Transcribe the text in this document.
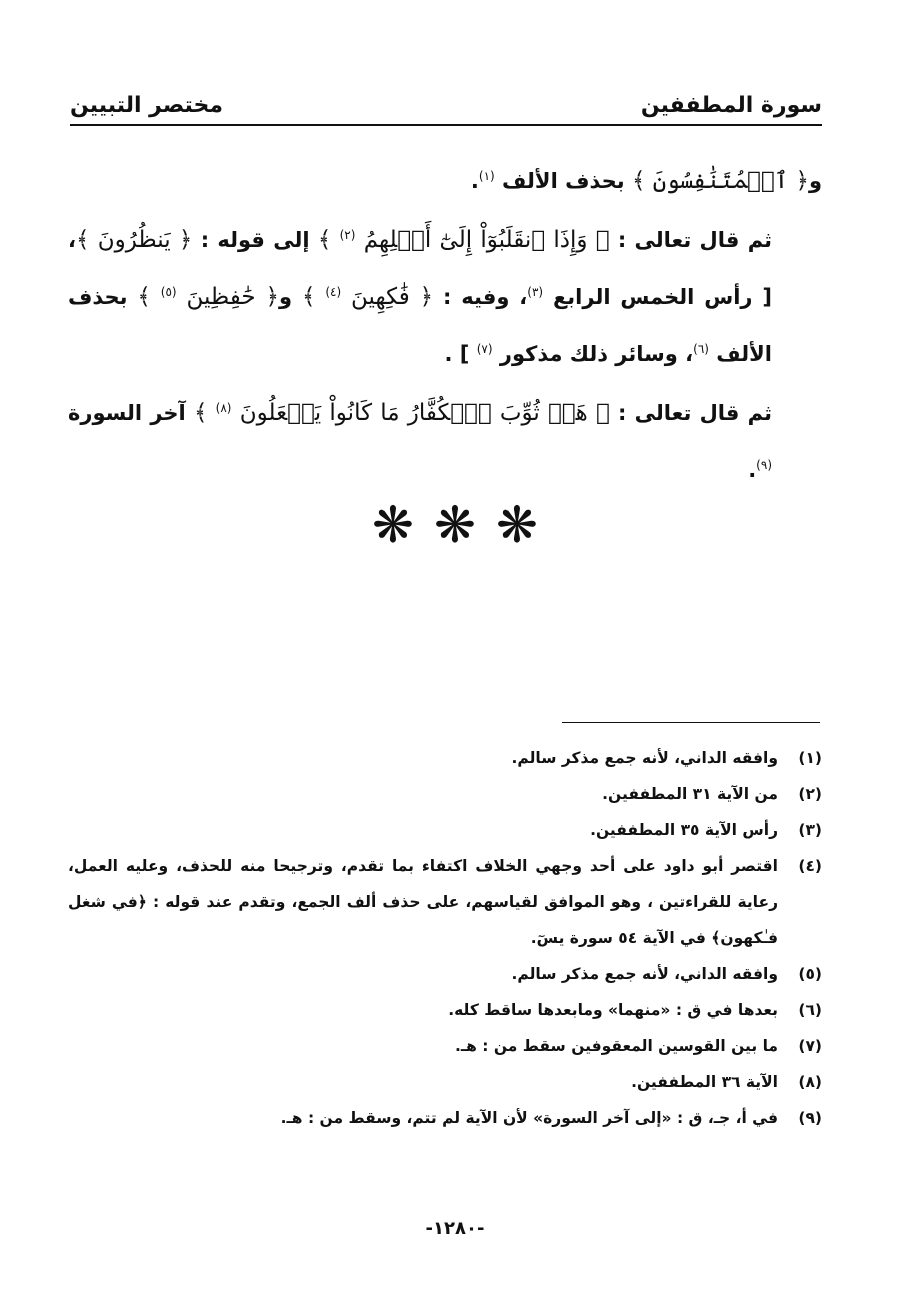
مختصر التبيين	سورة المطففين

و﴿ ٱلۡمُتَنَٰفِسُونَ ﴾ بحذف الألف $^{(١)}$.

ثم قال تعالى : ﴿ وَإِذَا ٱنقَلَبُوٓاْ إِلَىٰٓ أَهۡلِهِمُ $^{(٢)}$ ﴾ إلى قوله : ﴿ يَنظُرُونَ ﴾، [ رأس الخمس الرابع $^{(٣)}$، وفيه : ﴿ فَٰكِهِينَ $^{(٤)}$ ﴾ و﴿ حَٰفِظِينَ $^{(٥)}$ ﴾ بحذف الألف $^{(٦)}$، وسائر ذلك مذكور $^{(٧)}$ ] .

ثم قال تعالى : ﴿ هَلۡ ثُوِّبَ ٱلۡكُفَّارُ مَا كَانُواْ يَفۡعَلُونَ $^{(٨)}$ ﴾ آخر السورة $^{(٩)}$.

❋ ❋ ❋

(١)
وافقه الداني، لأنه جمع مذكر سالم.

(٢)
من الآية ٣١ المطففين.

(٣)
رأس الآية ٣٥ المطففين.

(٤)
اقتصر أبو داود على أحد وجهي الخلاف اكتفاء بما تقدم، وترجيحا منه للحذف، وعليه العمل، رعاية للقراءتين ، وهو الموافق لقياسهم، على حذف ألف الجمع، وتقدم عند قوله : ﴿في شغل فـٰكهون﴾ في الآية ٥٤ سورة يسٓ.

(٥)
وافقه الداني، لأنه جمع مذكر سالم.

(٦)
بعدها في ق : «منهما» ومابعدها ساقط كله.

(٧)
ما بين القوسين المعقوفين سقط من : هـ.

(٨)
الآية ٣٦ المطففين.

(٩)
في أ، جـ، ق : «إلى آخر السورة» لأن الآية لم تتم، وسقط من : هـ.

-١٢٨٠-
